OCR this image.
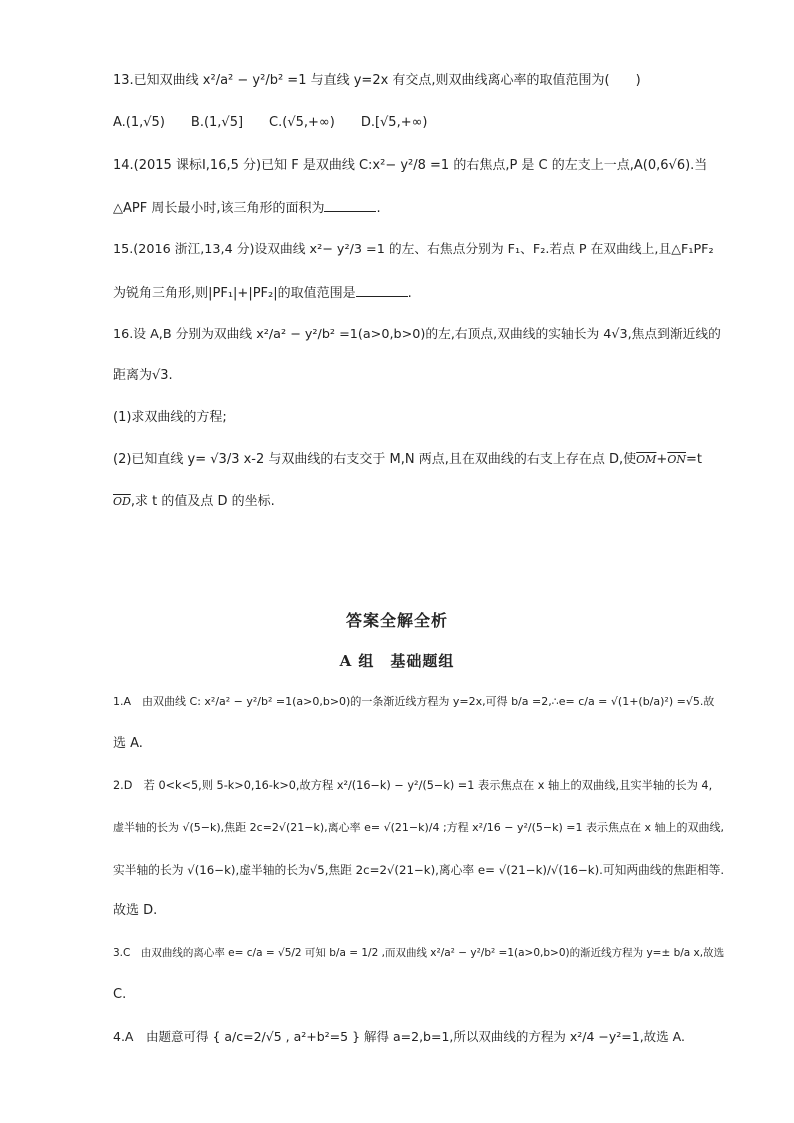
13.已知双曲线 x²/a² − y²/b² =1 与直线 y=2x 有交点,则双曲线离心率的取值范围为(　　)
A.(1,√5)　　B.(1,√5]　　C.(√5,+∞)　　D.[√5,+∞)
14.(2015 课标Ⅰ,16,5 分)已知 F 是双曲线 C:x²− y²/8 =1 的右焦点,P 是 C 的左支上一点,A(0,6√6).当
△APF 周长最小时,该三角形的面积为	.
15.(2016 浙江,13,4 分)设双曲线 x²− y²/3 =1 的左、右焦点分别为 F₁、F₂.若点 P 在双曲线上,且△F₁PF₂
为锐角三角形,则|PF₁|+|PF₂|的取值范围是	.
16.设 A,B 分别为双曲线 x²/a² − y²/b² =1(a>0,b>0)的左,右顶点,双曲线的实轴长为 4√3,焦点到渐近线的
距离为√3.
(1)求双曲线的方程;
(2)已知直线 y= √3/3 x-2 与双曲线的右支交于 M,N 两点,且在双曲线的右支上存在点 D,使$\overline{OM}+\overline{ON}=t$
$\overline{OD}$,求 t 的值及点 D 的坐标.
答案全解全析
A 组　基础题组
1.A　由双曲线 C: x²/a² − y²/b² =1(a>0,b>0)的一条渐近线方程为 y=2x,可得 b/a =2,∴e= c/a = √(1+(b/a)²) =√5.故
选 A.
2.D　若 0<k<5,则 5-k>0,16-k>0,故方程 x²/(16−k) − y²/(5−k) =1 表示焦点在 x 轴上的双曲线,且实半轴的长为 4,
虚半轴的长为 √(5−k),焦距 2c=2√(21−k),离心率 e= √(21−k)/4 ;方程 x²/16 − y²/(5−k) =1 表示焦点在 x 轴上的双曲线,
实半轴的长为 √(16−k),虚半轴的长为√5,焦距 2c=2√(21−k),离心率 e= √(21−k)/√(16−k).可知两曲线的焦距相等.
故选 D.
3.C　由双曲线的离心率 e= c/a = √5/2 可知 b/a = 1/2 ,而双曲线 x²/a² − y²/b² =1(a>0,b>0)的渐近线方程为 y=± b/a x,故选
C.
4.A　由题意可得 { a/c=2/√5 , a²+b²=5 } 解得 a=2,b=1,所以双曲线的方程为 x²/4 −y²=1,故选 A.
